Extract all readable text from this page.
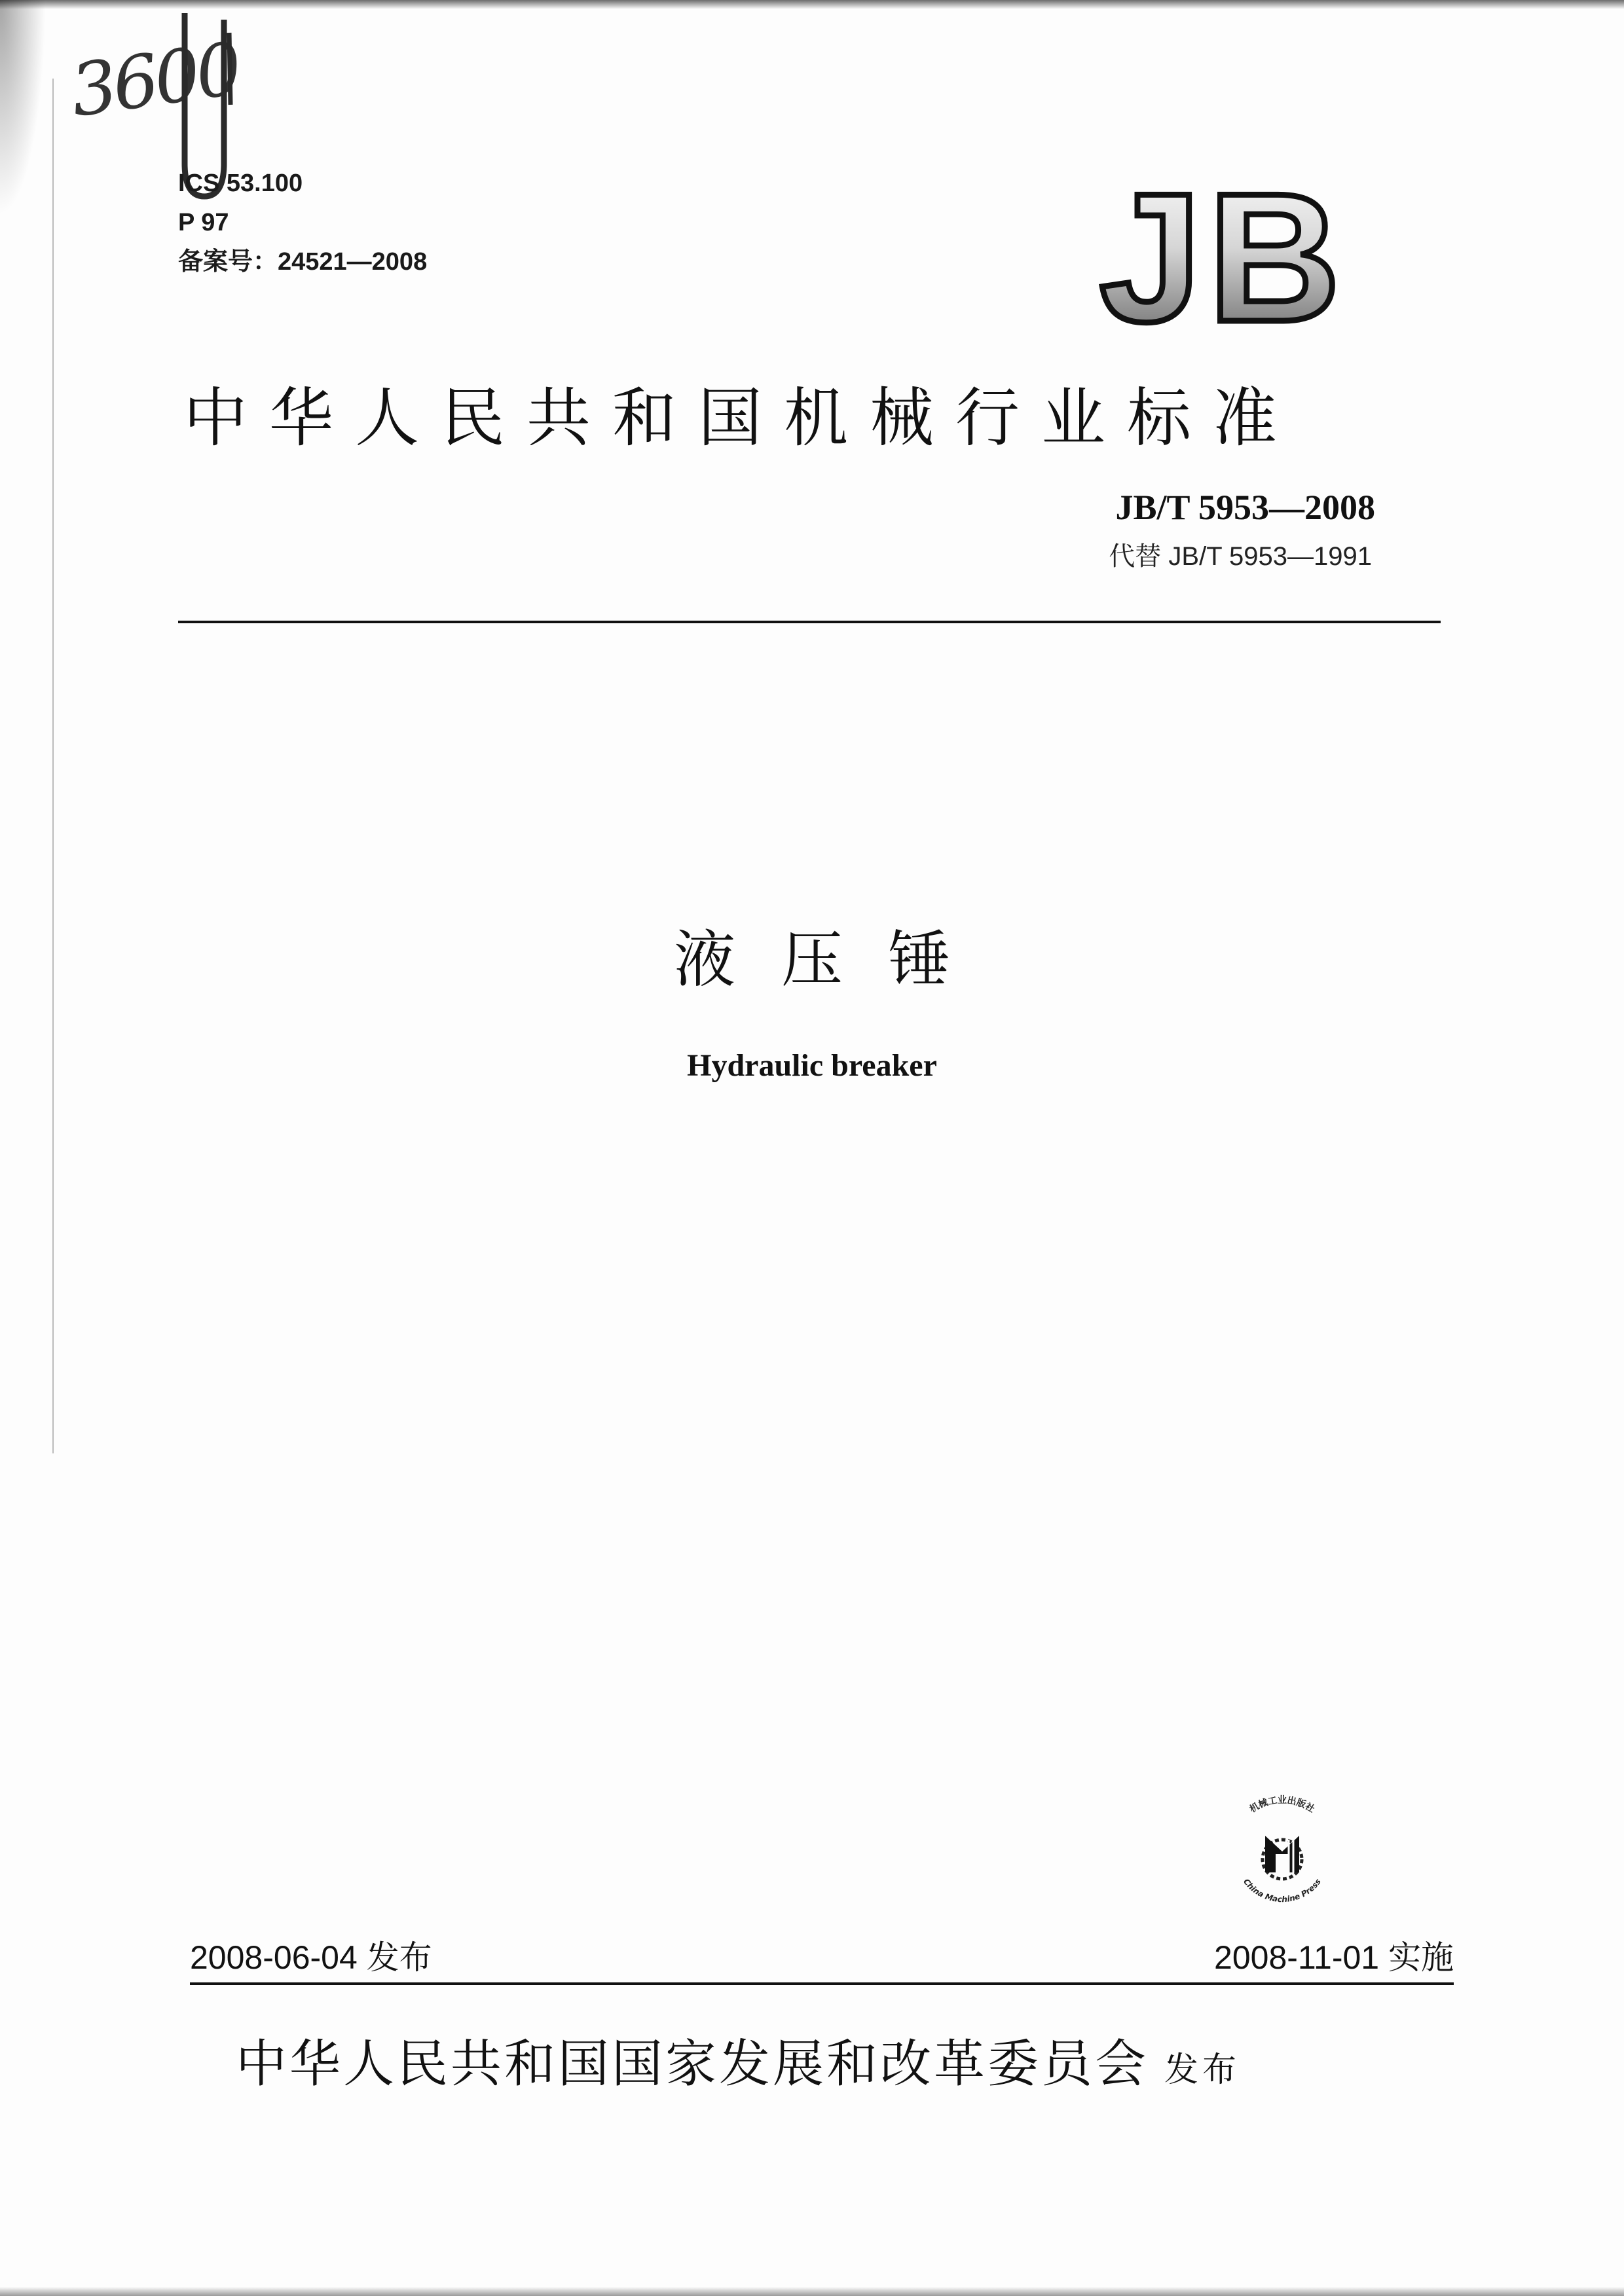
3600
ICS 53.100
P 97
备案号：24521—2008	JB
中华人民共和国机械行业标准
JB/T 5953—2008
代替 JB/T 5953—1991
液压锤
Hydraulic breaker
机械工业出版社
China Machine Press
2008-06-04 发布	2008-11-01 实施
中华人民共和国国家发展和改革委员会 发布
